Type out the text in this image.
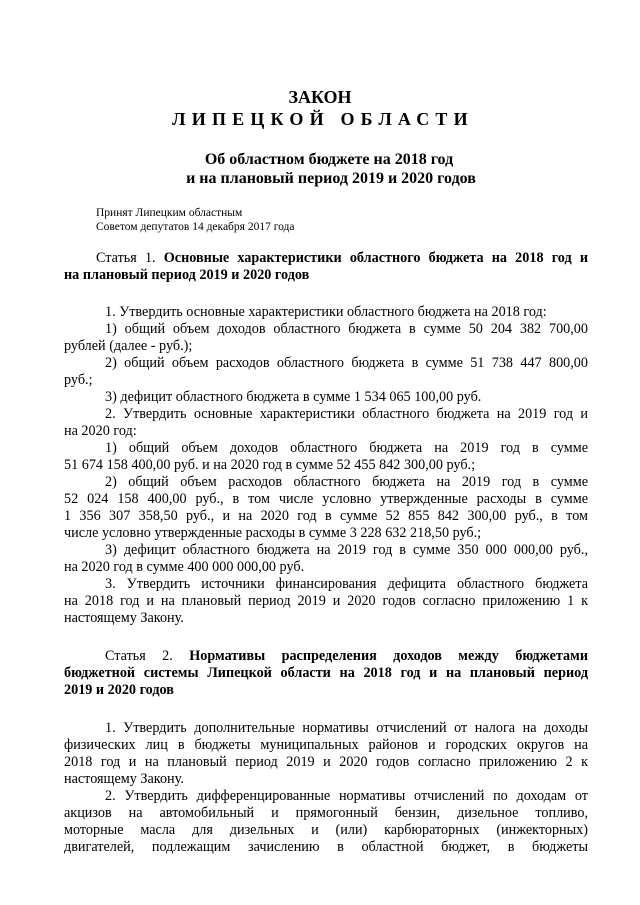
ЗАКОН
ЛИПЕЦКОЙ ОБЛАСТИ
Об областном бюджете на 2018 год
и на плановый период 2019 и 2020 годов
Принят Липецким областным
Советом депутатов 14 декабря 2017 года
Статья 1. Основные характеристики областного бюджета на 2018 год и
на плановый период 2019 и 2020 годов
1. Утвердить основные характеристики областного бюджета на 2018 год:
1) общий объем доходов областного бюджета в сумме 50 204 382 700,00
рублей (далее - руб.);
2) общий объем расходов областного бюджета в сумме 51 738 447 800,00
руб.;
3) дефицит областного бюджета в сумме 1 534 065 100,00 руб.
2. Утвердить основные характеристики областного бюджета на 2019 год и
на 2020 год:
1) общий объем доходов областного бюджета на 2019 год в сумме
51 674 158 400,00 руб. и на 2020 год в сумме 52 455 842 300,00 руб.;
2) общий объем расходов областного бюджета на 2019 год в сумме
52 024 158 400,00 руб., в том числе условно утвержденные расходы в сумме
1 356 307 358,50 руб., и на 2020 год в сумме 52 855 842 300,00 руб., в том
числе условно утвержденные расходы в сумме 3 228 632 218,50 руб.;
3) дефицит областного бюджета на 2019 год в сумме 350 000 000,00 руб.,
на 2020 год в сумме 400 000 000,00 руб.
3. Утвердить источники финансирования дефицита областного бюджета
на 2018 год и на плановый период 2019 и 2020 годов согласно приложению 1 к
настоящему Закону.
Статья 2. Нормативы распределения доходов между бюджетами
бюджетной системы Липецкой области на 2018 год и на плановый период
2019 и 2020 годов
1. Утвердить дополнительные нормативы отчислений от налога на доходы
физических лиц в бюджеты муниципальных районов и городских округов на
2018 год и на плановый период 2019 и 2020 годов согласно приложению 2 к
настоящему Закону.
2. Утвердить дифференцированные нормативы отчислений по доходам от
акцизов на автомобильный и прямогонный бензин, дизельное топливо,
моторные масла для дизельных и (или) карбюраторных (инжекторных)
двигателей, подлежащим зачислению в областной бюджет, в бюджеты
